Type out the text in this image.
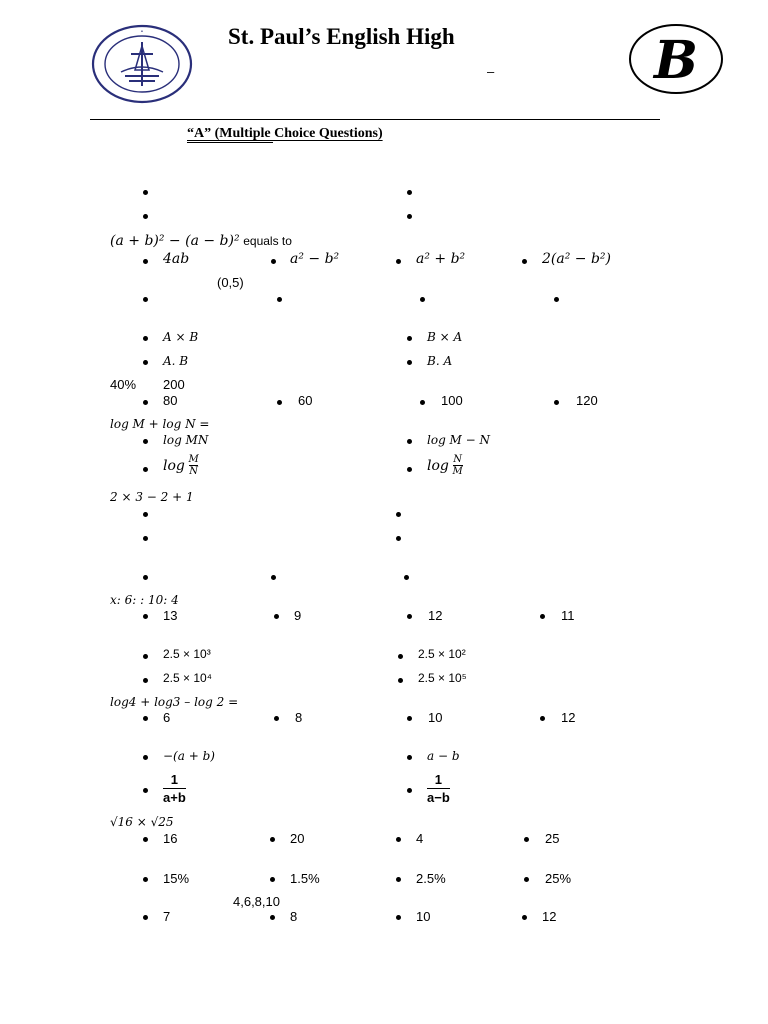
•	St. Paul’s English High
–	B
“A” (Multiple Choice Questions)
(a + b)² − (a − b)² equals to
4ab	a² − b²	a² + b²	2(a² − b²)
(0,5)
A × B	B × A
A. B	B. A
40% 200
80	60	100	120
log M + log N =
log MN	log M − N
$\log \frac{M}{N}$	$\log \frac{N}{M}$
2 × 3 − 2 + 1
x: 6: : 10: 4
13	9	12	11
2.5 × 10³	2.5 × 10²
2.5 × 10⁴	2.5 × 10⁵
log4 + log3 – log 2 =
6	8	10	12
−(a + b)	a − b
$\frac{1}{a+b}$	$\frac{1}{a-b}$
√16 × √25
16	20	4	25
15%	1.5%	2.5%	25%
4,6,8,10
7	8	10	12
